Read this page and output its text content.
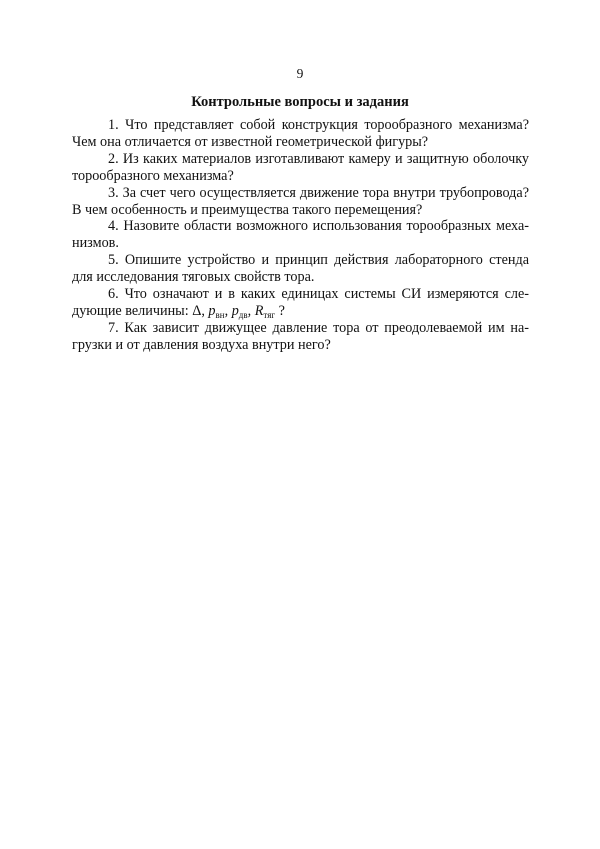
9
Контрольные вопросы и задания

1. Что представляет собой конструкция торообразного механизма?
Чем она отличается от известной геометрической фигуры?

2. Из каких материалов изготавливают камеру и защитную оболочку
торообразного механизма?

3. За счет чего осуществляется движение тора внутри трубопровода?
В чем особенность и преимущества такого перемещения?

4. Назовите области возможного использования торообразных меха-
низмов.

5. Опишите устройство и принцип действия лабораторного стенда
для исследования тяговых свойств тора.

6. Что означают и в каких единицах системы СИ измеряются сле-
дующие величины: Δ, $p_{вн}$, $p_{дв}$, $R_{тяг}$ ?

7. Как зависит движущее давление тора от преодолеваемой им на-
грузки и от давления воздуха внутри него?
